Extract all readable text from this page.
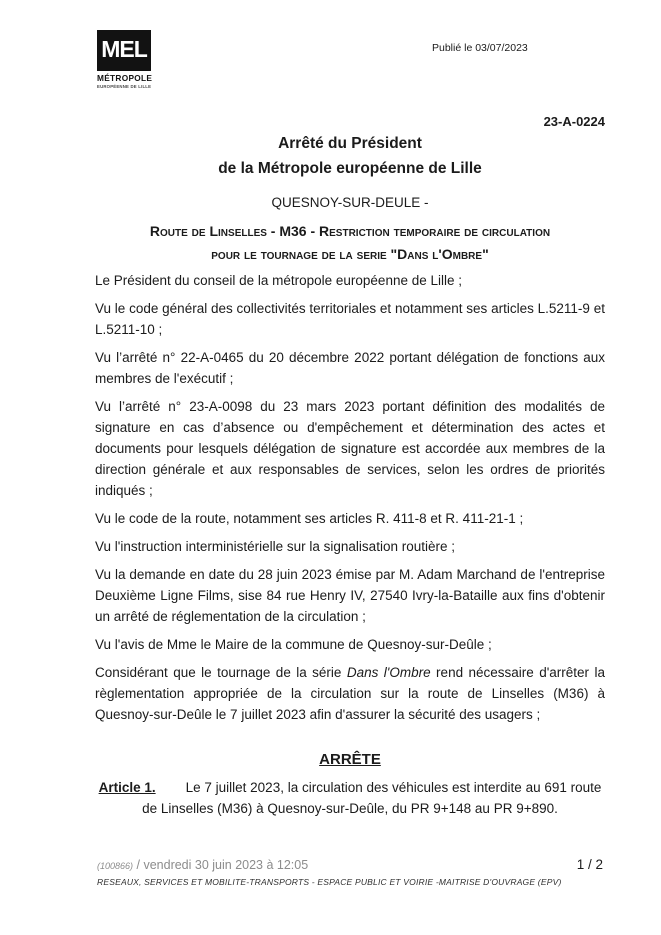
MEL
MÉTROPOLE
EUROPÉENNE DE LILLE
Publié le 03/07/2023
23-A-0224
Arrêté du Président
de la Métropole européenne de Lille
QUESNOY-SUR-DEULE -
Route de Linselles - M36 - Restriction temporaire de circulation
pour le tournage de la serie "Dans l'Ombre"

Le Président du conseil de la métropole européenne de Lille ;

Vu le code général des collectivités territoriales et notamment ses articles L.5211-9 et L.5211-10 ;

Vu l’arrêté n° 22-A-0465 du 20 décembre 2022 portant délégation de fonctions aux membres de l'exécutif ;

Vu l’arrêté n° 23-A-0098 du 23 mars 2023 portant définition des modalités de signature en cas d’absence ou d'empêchement et détermination des actes et documents pour lesquels délégation de signature est accordée aux membres de la direction générale et aux responsables de services, selon les ordres de priorités indiqués ;

Vu le code de la route, notamment ses articles R. 411-8 et R. 411-21-1 ;

Vu l'instruction interministérielle sur la signalisation routière ;

Vu la demande en date du 28 juin 2023 émise par M. Adam Marchand de l'entreprise Deuxième Ligne Films, sise 84 rue Henry IV, 27540 Ivry-la-Bataille aux fins d'obtenir un arrêté de réglementation de la circulation ;

Vu l'avis de Mme le Maire de la commune de Quesnoy-sur-Deûle ;

Considérant que le tournage de la série Dans l'Ombre rend nécessaire d'arrêter la règlementation appropriée de la circulation sur la route de Linselles (M36) à Quesnoy-sur-Deûle le 7 juillet 2023 afin d'assurer la sécurité des usagers ;

ARRÊTE

Article 1. Le 7 juillet 2023, la circulation des véhicules est interdite au 691 route de Linselles (M36) à Quesnoy-sur-Deûle, du PR 9+148 au PR 9+890.

(100866) / vendredi 30 juin 2023 à 12:05
RESEAUX, SERVICES ET MOBILITE-TRANSPORTS - ESPACE PUBLIC ET VOIRIE -MAITRISE D'OUVRAGE (EPV)
1 / 2
